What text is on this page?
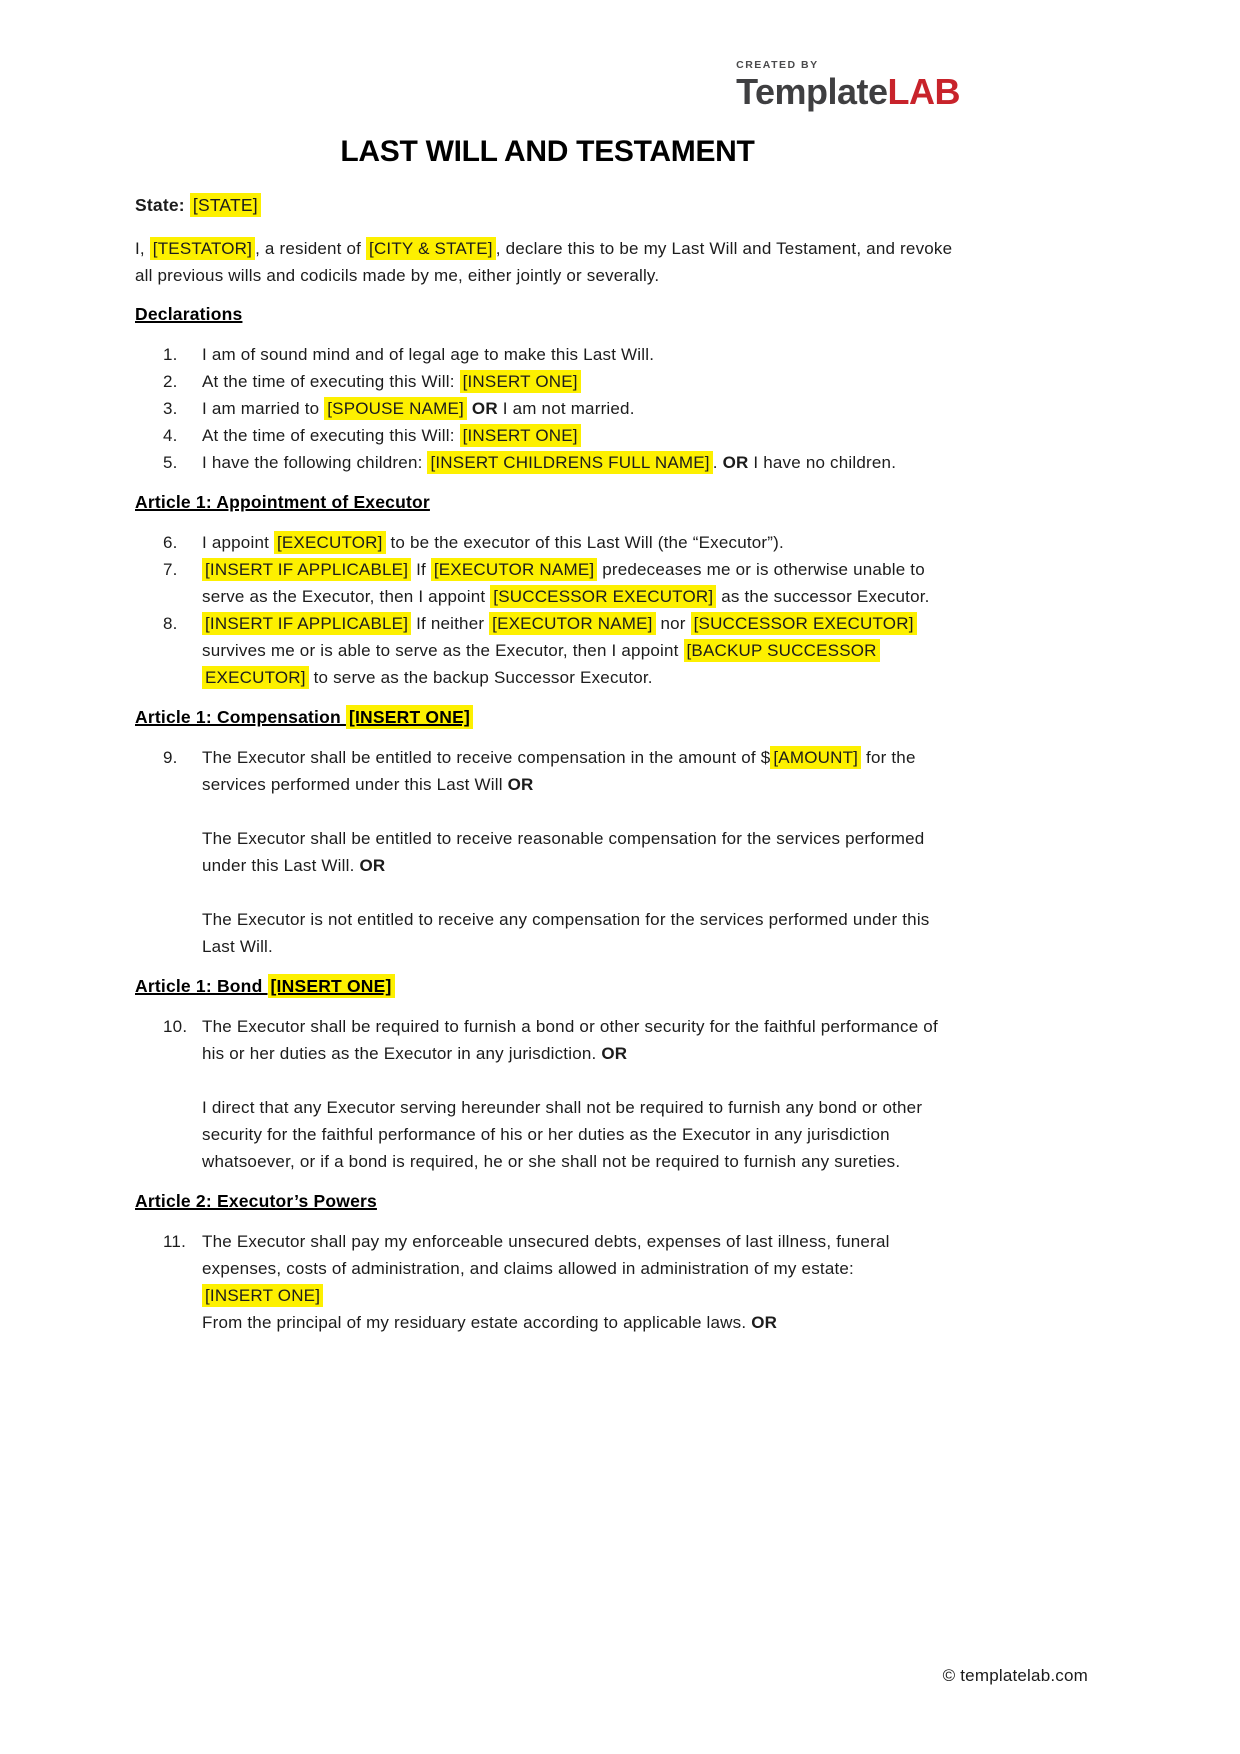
CREATED BY
TemplateLAB
LAST WILL AND TESTAMENT

State: [STATE]

I, [TESTATOR] , a resident of [CITY & STATE] , declare this to be my Last Will and Testament, and revoke all previous wills and codicils made by me, either jointly or severally.

Declarations
I am of sound mind and of legal age to make this Last Will.
At the time of executing this Will: [INSERT ONE]
I am married to [SPOUSE NAME] OR I am not married.
At the time of executing this Will: [INSERT ONE]
I have the following children: [INSERT CHILDRENS FULL NAME] . OR I have no children.
Article 1: Appointment of Executor
I appoint [EXECUTOR] to be the executor of this Last Will (the “Executor”).
[INSERT IF APPLICABLE] If [EXECUTOR NAME] predeceases me or is otherwise unable to serve as the Executor, then I appoint [SUCCESSOR EXECUTOR] as the successor Executor.
[INSERT IF APPLICABLE] If neither [EXECUTOR NAME] nor [SUCCESSOR EXECUTOR] survives me or is able to serve as the Executor, then I appoint [BACKUP SUCCESSOR EXECUTOR] to serve as the backup Successor Executor.
Article 1: Compensation [INSERT ONE]
The Executor shall be entitled to receive compensation in the amount of $ [AMOUNT] for the services performed under this Last Will OR

The Executor shall be entitled to receive reasonable compensation for the services performed under this Last Will. OR

The Executor is not entitled to receive any compensation for the services performed under this Last Will.

Article 1: Bond [INSERT ONE]
The Executor shall be required to furnish a bond or other security for the faithful performance of his or her duties as the Executor in any jurisdiction. OR

I direct that any Executor serving hereunder shall not be required to furnish any bond or other security for the faithful performance of his or her duties as the Executor in any jurisdiction whatsoever, or if a bond is required, he or she shall not be required to furnish any sureties.

Article 2: Executor’s Powers
The Executor shall pay my enforceable unsecured debts, expenses of last illness, funeral expenses, costs of administration, and claims allowed in administration of my estate:
[INSERT ONE]
From the principal of my residuary estate according to applicable laws. OR
© templatelab.com
